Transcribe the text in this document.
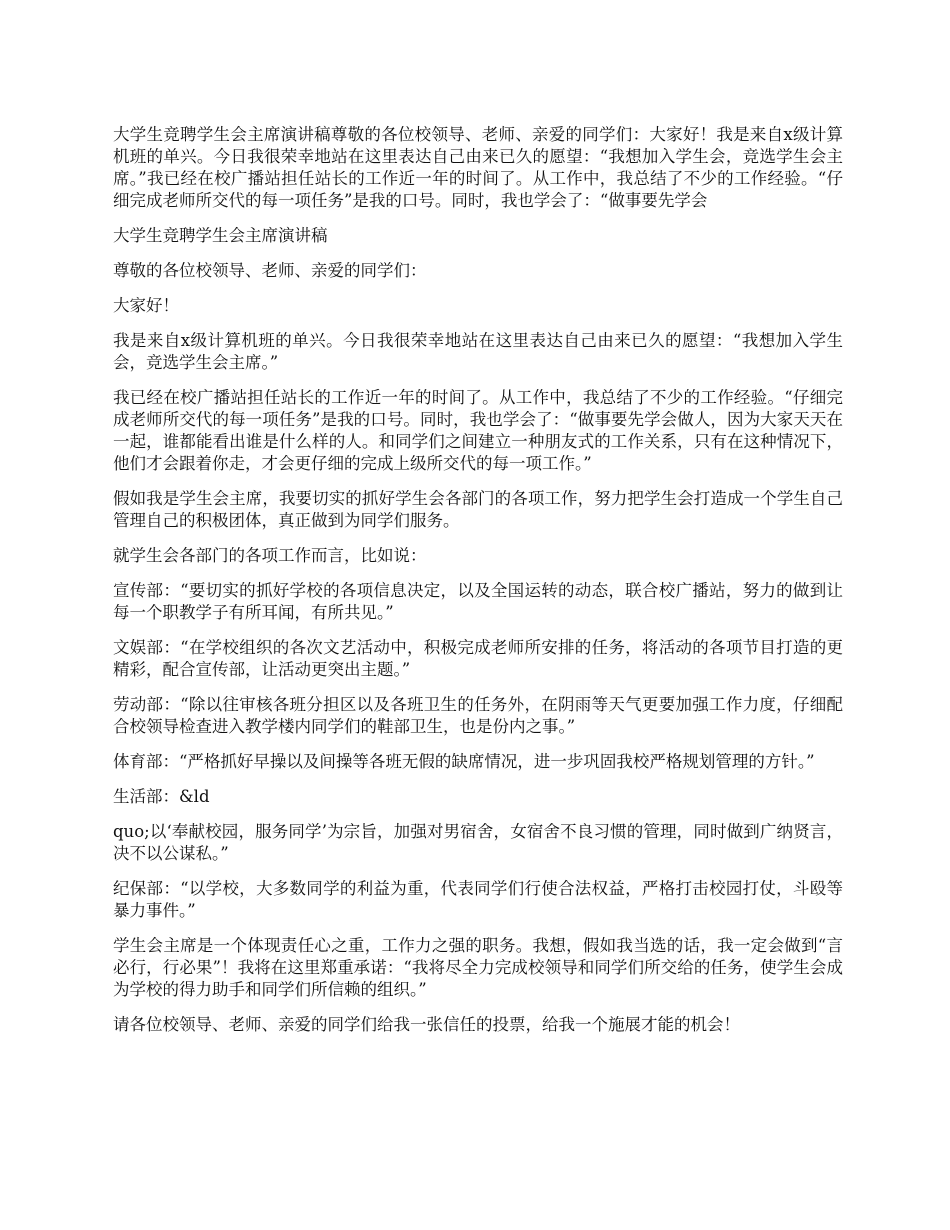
大学生竞聘学生会主席演讲稿尊敬的各位校领导、老师、亲爱的同学们：大家好！我是来自x级计算机班的单兴。今日我很荣幸地站在这里表达自己由来已久的愿望：“我想加入学生会，竞选学生会主席。”我已经在校广播站担任站长的工作近一年的时间了。从工作中，我总结了不少的工作经验。“仔细完成老师所交代的每一项任务”是我的口号。同时，我也学会了：“做事要先学会

大学生竞聘学生会主席演讲稿

尊敬的各位校领导、老师、亲爱的同学们：

大家好！

我是来自x级计算机班的单兴。今日我很荣幸地站在这里表达自己由来已久的愿望：“我想加入学生会，竞选学生会主席。”

我已经在校广播站担任站长的工作近一年的时间了。从工作中，我总结了不少的工作经验。“仔细完成老师所交代的每一项任务”是我的口号。同时，我也学会了：“做事要先学会做人，因为大家天天在一起，谁都能看出谁是什么样的人。和同学们之间建立一种朋友式的工作关系，只有在这种情况下，他们才会跟着你走，才会更仔细的完成上级所交代的每一项工作。”

假如我是学生会主席，我要切实的抓好学生会各部门的各项工作，努力把学生会打造成一个学生自己管理自己的积极团体，真正做到为同学们服务。

就学生会各部门的各项工作而言，比如说：

宣传部：“要切实的抓好学校的各项信息决定，以及全国运转的动态，联合校广播站，努力的做到让每一个职教学子有所耳闻，有所共见。”

文娱部：“在学校组织的各次文艺活动中，积极完成老师所安排的任务，将活动的各项节目打造的更精彩，配合宣传部，让活动更突出主题。”

劳动部：“除以往审核各班分担区以及各班卫生的任务外，在阴雨等天气更要加强工作力度，仔细配合校领导检查进入教学楼内同学们的鞋部卫生，也是份内之事。”

体育部：“严格抓好早操以及间操等各班无假的缺席情况，进一步巩固我校严格规划管理的方针。”

生活部：&ld

quo;以‘奉献校园，服务同学’为宗旨，加强对男宿舍，女宿舍不良习惯的管理，同时做到广纳贤言，决不以公谋私。”

纪保部：“以学校，大多数同学的利益为重，代表同学们行使合法权益，严格打击校园打仗，斗殴等暴力事件。”

学生会主席是一个体现责任心之重，工作力之强的职务。我想，假如我当选的话，我一定会做到“言必行，行必果”！我将在这里郑重承诺：“我将尽全力完成校领导和同学们所交给的任务，使学生会成为学校的得力助手和同学们所信赖的组织。”

请各位校领导、老师、亲爱的同学们给我一张信任的投票，给我一个施展才能的机会！
